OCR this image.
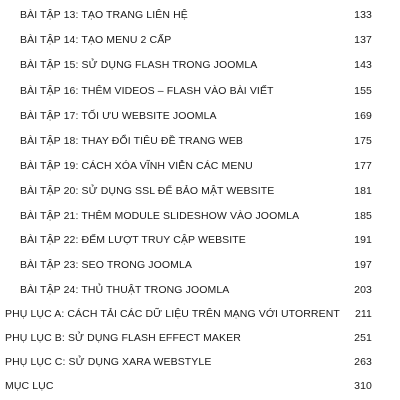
BÀI TẬP 13: TẠO TRANG LIÊN HỆ	133
BÀI TẬP 14: TẠO MENU 2 CẤP	137
BÀI TẬP 15: SỬ DỤNG FLASH TRONG JOOMLA	143
BÀI TẬP 16: THÊM VIDEOS – FLASH VÀO BÀI VIẾT	155
BÀI TẬP 17: TỐI ƯU WEBSITE JOOMLA	169
BÀI TẬP 18: THAY ĐỔI TIÊU ĐỀ TRANG WEB	175
BÀI TẬP 19: CÁCH XÓA VĨNH VIỄN CÁC MENU	177
BÀI TẬP 20: SỬ DỤNG SSL ĐỂ BẢO MẬT WEBSITE	181
BÀI TẬP 21: THÊM MODULE SLIDESHOW VÀO JOOMLA	185
BÀI TẬP 22: ĐẾM LƯỢT TRUY CẬP WEBSITE	191
BÀI TẬP 23: SEO TRONG JOOMLA	197
BÀI TẬP 24: THỦ THUẬT TRONG JOOMLA	203
PHỤ LỤC A: CÁCH TẢI CÁC DỮ LIỆU TRÊN MẠNG VỚI UTORRENT 211
PHỤ LỤC B: SỬ DỤNG FLASH EFFECT MAKER	251
PHỤ LỤC C: SỬ DỤNG XARA WEBSTYLE	263
MỤC LỤC	310
